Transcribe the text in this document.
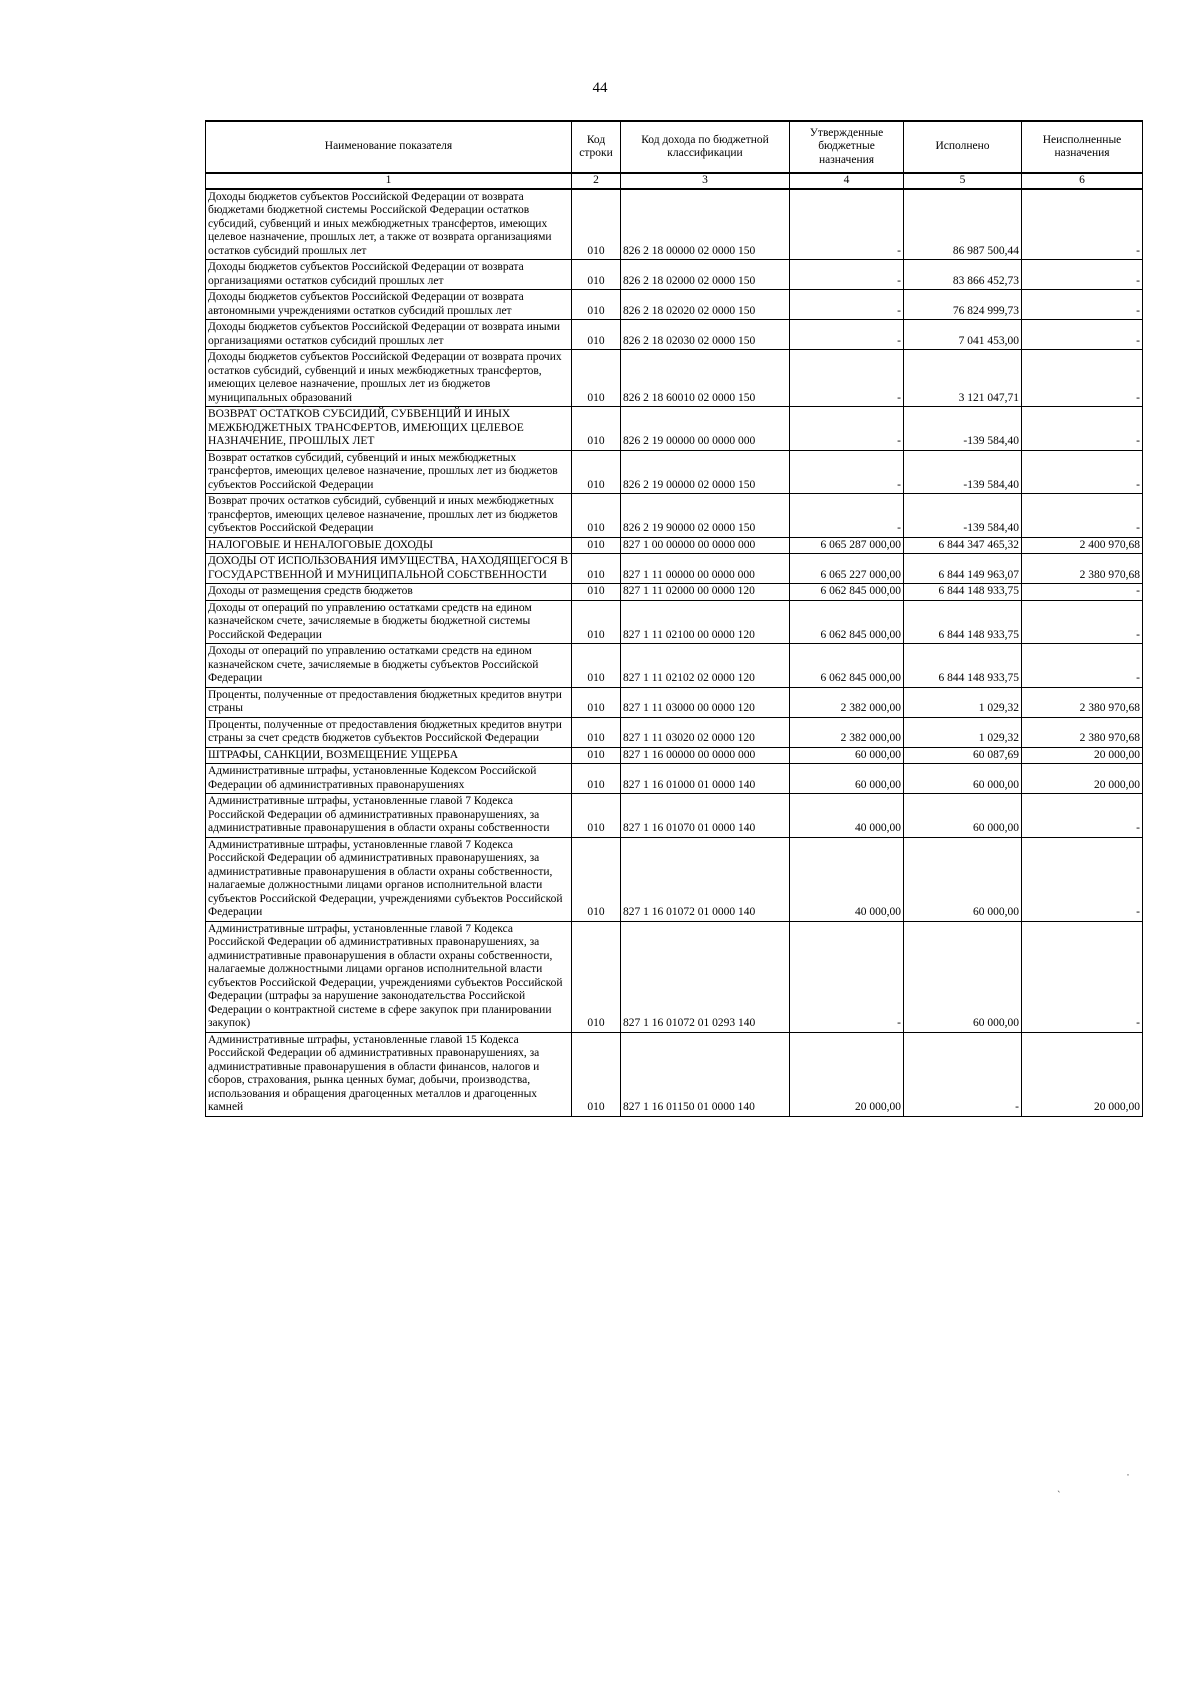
44
Наименование показателя	Код строки	Код дохода по бюджетной классификации	Утвержденные бюджетные назначения	Исполнено	Неисполненные назначения
1	2	3	4	5	6
Доходы бюджетов субъектов Российской Федерации от возврата бюджетами бюджетной системы Российской Федерации остатков субсидий, субвенций и иных межбюджетных трансфертов, имеющих целевое назначение, прошлых лет, а также от возврата организациями остатков субсидий прошлых лет	010	826 2 18 00000 02 0000 150	-	86 987 500,44	-
Доходы бюджетов субъектов Российской Федерации от возврата организациями остатков субсидий прошлых лет	010	826 2 18 02000 02 0000 150	-	83 866 452,73	-
Доходы бюджетов субъектов Российской Федерации от возврата автономными учреждениями остатков субсидий прошлых лет	010	826 2 18 02020 02 0000 150	-	76 824 999,73	-
Доходы бюджетов субъектов Российской Федерации от возврата иными организациями остатков субсидий прошлых лет	010	826 2 18 02030 02 0000 150	-	7 041 453,00	-
Доходы бюджетов субъектов Российской Федерации от возврата прочих остатков субсидий, субвенций и иных межбюджетных трансфертов, имеющих целевое назначение, прошлых лет из бюджетов муниципальных образований	010	826 2 18 60010 02 0000 150	-	3 121 047,71	-
ВОЗВРАТ ОСТАТКОВ СУБСИДИЙ, СУБВЕНЦИЙ И ИНЫХ МЕЖБЮДЖЕТНЫХ ТРАНСФЕРТОВ, ИМЕЮЩИХ ЦЕЛЕВОЕ НАЗНАЧЕНИЕ, ПРОШЛЫХ ЛЕТ	010	826 2 19 00000 00 0000 000	-	-139 584,40	-
Возврат остатков субсидий, субвенций и иных межбюджетных трансфертов, имеющих целевое назначение, прошлых лет из бюджетов субъектов Российской Федерации	010	826 2 19 00000 02 0000 150	-	-139 584,40	-
Возврат прочих остатков субсидий, субвенций и иных межбюджетных трансфертов, имеющих целевое назначение, прошлых лет из бюджетов субъектов Российской Федерации	010	826 2 19 90000 02 0000 150	-	-139 584,40	-
НАЛОГОВЫЕ И НЕНАЛОГОВЫЕ ДОХОДЫ	010	827 1 00 00000 00 0000 000	6 065 287 000,00	6 844 347 465,32	2 400 970,68
ДОХОДЫ ОТ ИСПОЛЬЗОВАНИЯ ИМУЩЕСТВА, НАХОДЯЩЕГОСЯ В ГОСУДАРСТВЕННОЙ И МУНИЦИПАЛЬНОЙ СОБСТВЕННОСТИ	010	827 1 11 00000 00 0000 000	6 065 227 000,00	6 844 149 963,07	2 380 970,68
Доходы от размещения средств бюджетов	010	827 1 11 02000 00 0000 120	6 062 845 000,00	6 844 148 933,75	-
Доходы от операций по управлению остатками средств на едином казначейском счете, зачисляемые в бюджеты бюджетной системы Российской Федерации	010	827 1 11 02100 00 0000 120	6 062 845 000,00	6 844 148 933,75	-
Доходы от операций по управлению остатками средств на едином казначейском счете, зачисляемые в бюджеты субъектов Российской Федерации	010	827 1 11 02102 02 0000 120	6 062 845 000,00	6 844 148 933,75	-
Проценты, полученные от предоставления бюджетных кредитов внутри страны	010	827 1 11 03000 00 0000 120	2 382 000,00	1 029,32	2 380 970,68
Проценты, полученные от предоставления бюджетных кредитов внутри страны за счет средств бюджетов субъектов Российской Федерации	010	827 1 11 03020 02 0000 120	2 382 000,00	1 029,32	2 380 970,68
ШТРАФЫ, САНКЦИИ, ВОЗМЕЩЕНИЕ УЩЕРБА	010	827 1 16 00000 00 0000 000	60 000,00	60 087,69	20 000,00
Административные штрафы, установленные Кодексом Российской Федерации об административных правонарушениях	010	827 1 16 01000 01 0000 140	60 000,00	60 000,00	20 000,00
Административные штрафы, установленные главой 7 Кодекса Российской Федерации об административных правонарушениях, за административные правонарушения в области охраны собственности	010	827 1 16 01070 01 0000 140	40 000,00	60 000,00	-
Административные штрафы, установленные главой 7 Кодекса Российской Федерации об административных правонарушениях, за административные правонарушения в области охраны собственности, налагаемые должностными лицами органов исполнительной власти субъектов Российской Федерации, учреждениями субъектов Российской Федерации	010	827 1 16 01072 01 0000 140	40 000,00	60 000,00	-
Административные штрафы, установленные главой 7 Кодекса Российской Федерации об административных правонарушениях, за административные правонарушения в области охраны собственности, налагаемые должностными лицами органов исполнительной власти субъектов Российской Федерации, учреждениями субъектов Российской Федерации (штрафы за нарушение законодательства Российской Федерации о контрактной системе в сфере закупок при планировании закупок)	010	827 1 16 01072 01 0293 140	-	60 000,00	-
Административные штрафы, установленные главой 15 Кодекса Российской Федерации об административных правонарушениях, за административные правонарушения в области финансов, налогов и сборов, страхования, рынка ценных бумаг, добычи, производства, использования и обращения драгоценных металлов и драгоценных камней	010	827 1 16 01150 01 0000 140	20 000,00	-	20 000,00
ˎ
·
